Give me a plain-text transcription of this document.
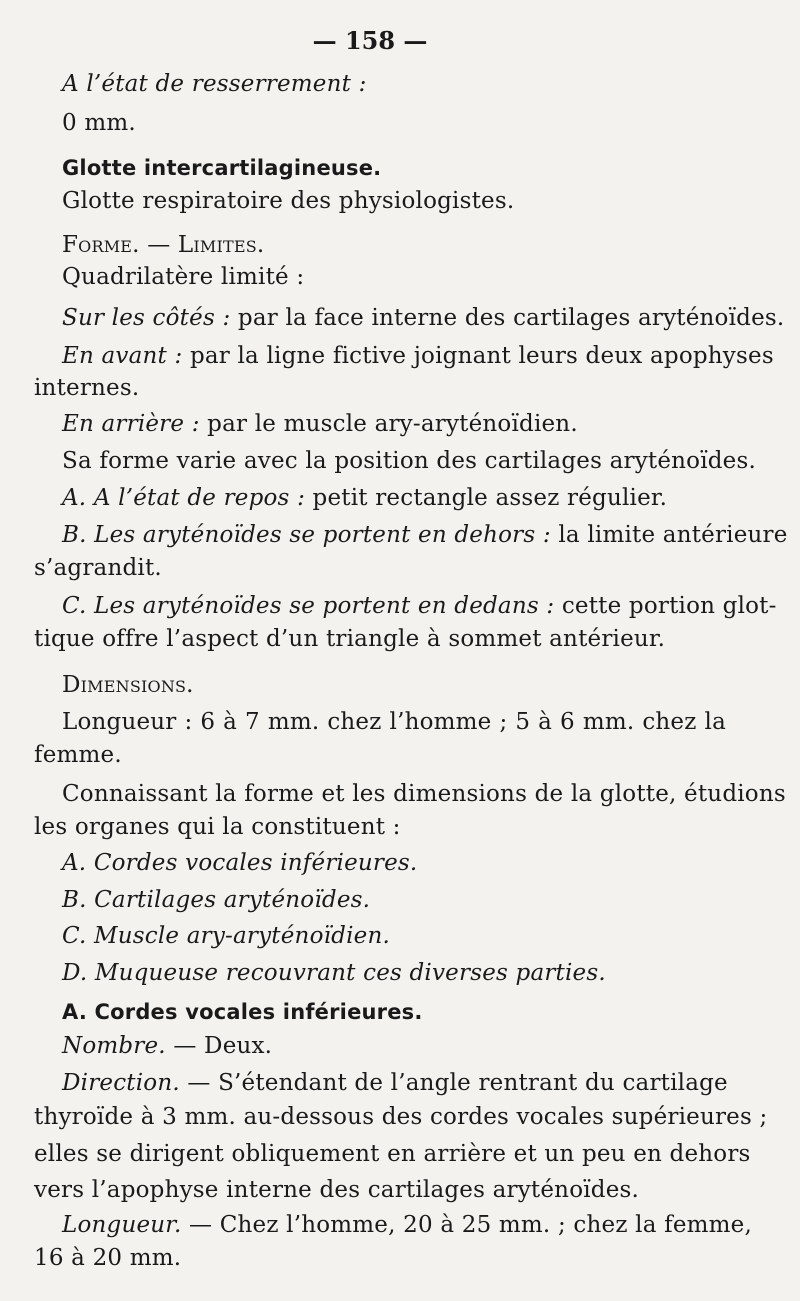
— 158 —
A l’état de resserrement :
0 mm.
Glotte intercartilagineuse.
Glotte respiratoire des physiologistes.
Forme. — Limites.
Quadrilatère limité :
Sur les côtés : par la face interne des cartilages aryténoïdes.
En avant : par la ligne fictive joignant leurs deux apophyses
internes.
En arrière : par le muscle ary-aryténoïdien.
Sa forme varie avec la position des cartilages aryténoïdes.
A. A l’état de repos : petit rectangle assez régulier.
B. Les aryténoïdes se portent en dehors : la limite antérieure
s’agrandit.
C. Les aryténoïdes se portent en dedans : cette portion glot-
tique offre l’aspect d’un triangle à sommet antérieur.
Dimensions.
Longueur : 6 à 7 mm. chez l’homme ; 5 à 6 mm. chez la
femme.
Connaissant la forme et les dimensions de la glotte, étudions
les organes qui la constituent :
A. Cordes vocales inférieures.
B. Cartilages aryténoïdes.
C. Muscle ary-aryténoïdien.
D. Muqueuse recouvrant ces diverses parties.
A. Cordes vocales inférieures.
Nombre. — Deux.
Direction. — S’étendant de l’angle rentrant du cartilage
thyroïde à 3 mm. au-dessous des cordes vocales supérieures ;
elles se dirigent obliquement en arrière et un peu en dehors
vers l’apophyse interne des cartilages aryténoïdes.
Longueur. — Chez l’homme, 20 à 25 mm. ; chez la femme,
16 à 20 mm.
